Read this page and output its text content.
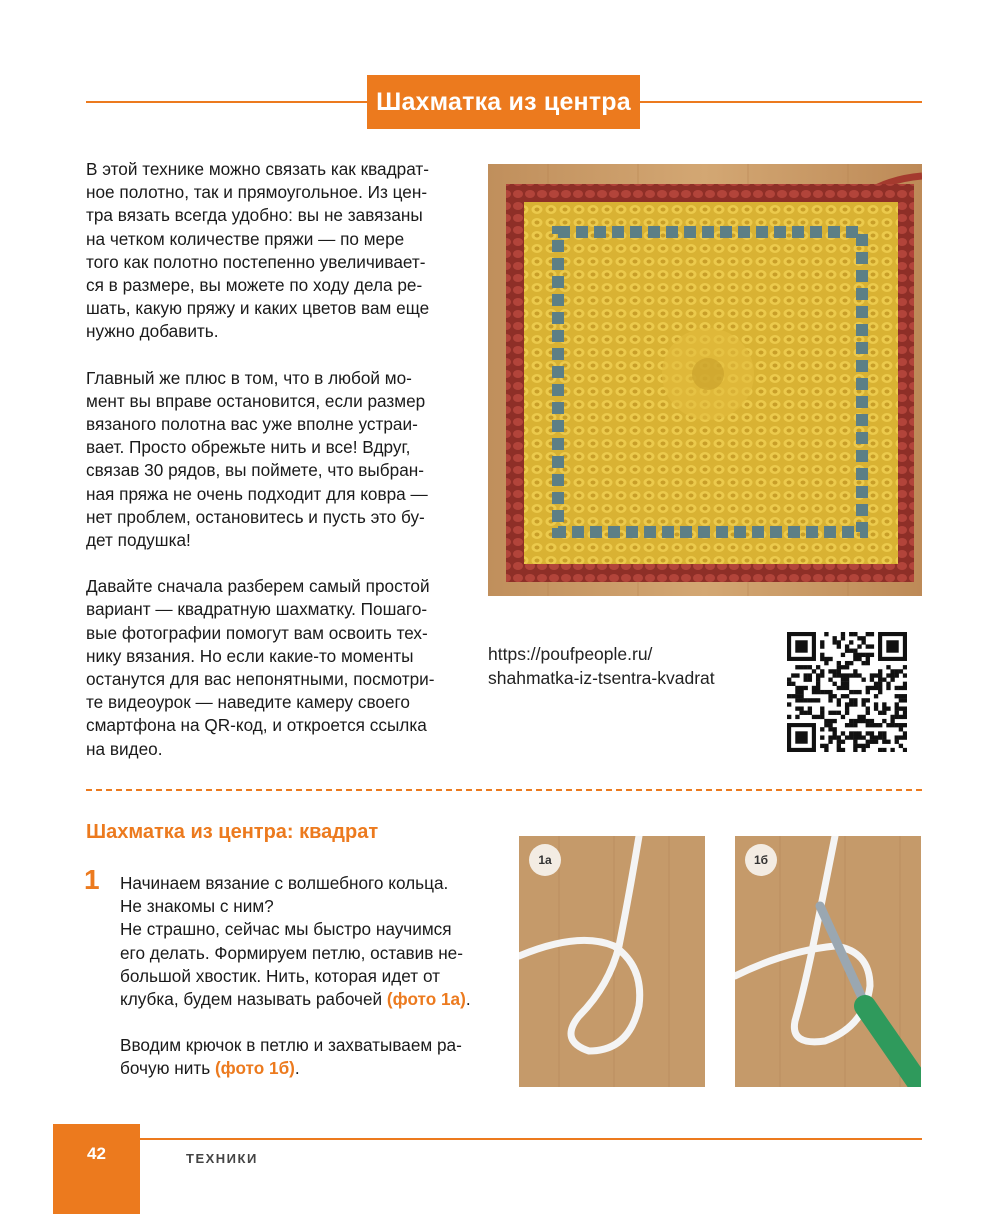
Шахматка из центра

В этой технике можно связать как квадрат-
ное полотно, так и прямоугольное. Из цен-
тра вязать всегда удобно: вы не завязаны
на четком количестве пряжи — по мере
того как полотно постепенно увеличивает-
ся в размере, вы можете по ходу дела ре-
шать, какую пряжу и каких цветов вам еще
нужно добавить.

Главный же плюс в том, что в любой мо-
мент вы вправе остановится, если размер
вязаного полотна вас уже вполне устраи-
вает. Просто обрежьте нить и все! Вдруг,
связав 30 рядов, вы поймете, что выбран-
ная пряжа не очень подходит для ковра —
нет проблем, остановитесь и пусть это бу-
дет подушка!

Давайте сначала разберем самый простой
вариант — квадратную шахматку. Пошаго-
вые фотографии помогут вам освоить тех-
нику вязания. Но если какие-то моменты
останутся для вас непонятными, посмотри-
те видеоурок — наведите камеру своего
смартфона на QR-код, и откроется ссылка
на видео.

https://poufpeople.ru/
shahmatka-iz-tsentra-kvadrat
Шахматка из центра: квадрат
1 Начинаем вязание с волшебного кольца.
Не знакомы с ним?
Не страшно, сейчас мы быстро научимся
его делать. Формируем петлю, оставив не-
большой хвостик. Нить, которая идет от
клубка, будем называть рабочей (фото 1а).

Вводим крючок в петлю и захватываем ра-
бочую нить (фото 1б).

1а	1б
42	ТЕХНИКИ
